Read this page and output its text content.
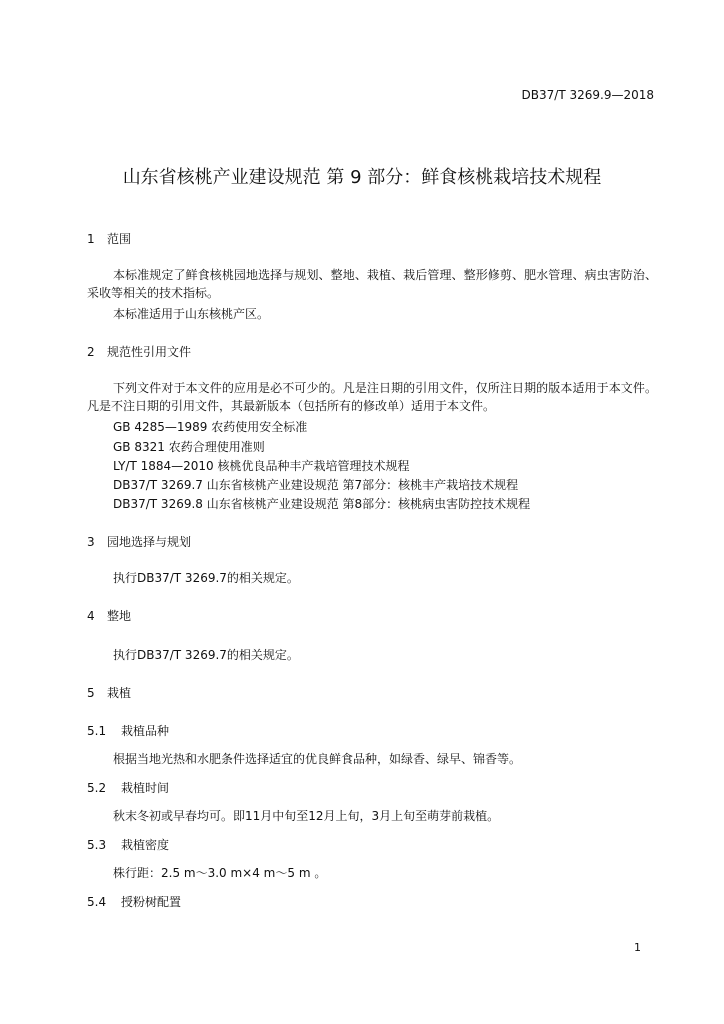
DB37/T 3269.9—2018
山东省核桃产业建设规范 第 9 部分：鲜食核桃栽培技术规程
1 范围
本标准规定了鲜食核桃园地选择与规划、整地、栽植、栽后管理、整形修剪、肥水管理、病虫害防治、采收等相关的技术指标。
本标准适用于山东核桃产区。
2 规范性引用文件
下列文件对于本文件的应用是必不可少的。凡是注日期的引用文件，仅所注日期的版本适用于本文件。凡是不注日期的引用文件，其最新版本（包括所有的修改单）适用于本文件。
GB 4285—1989 农药使用安全标准
GB 8321 农药合理使用准则
LY/T 1884—2010 核桃优良品种丰产栽培管理技术规程
DB37/T 3269.7 山东省核桃产业建设规范 第7部分：核桃丰产栽培技术规程
DB37/T 3269.8 山东省核桃产业建设规范 第8部分：核桃病虫害防控技术规程
3 园地选择与规划
执行DB37/T 3269.7的相关规定。
4 整地
执行DB37/T 3269.7的相关规定。
5 栽植
5.1 栽植品种
根据当地光热和水肥条件选择适宜的优良鲜食品种，如绿香、绿早、锦香等。
5.2 栽植时间
秋末冬初或早春均可。即11月中旬至12月上旬，3月上旬至萌芽前栽植。
5.3 栽植密度
株行距：2.5 m～3.0 m×4 m～5 m 。
5.4 授粉树配置
1
